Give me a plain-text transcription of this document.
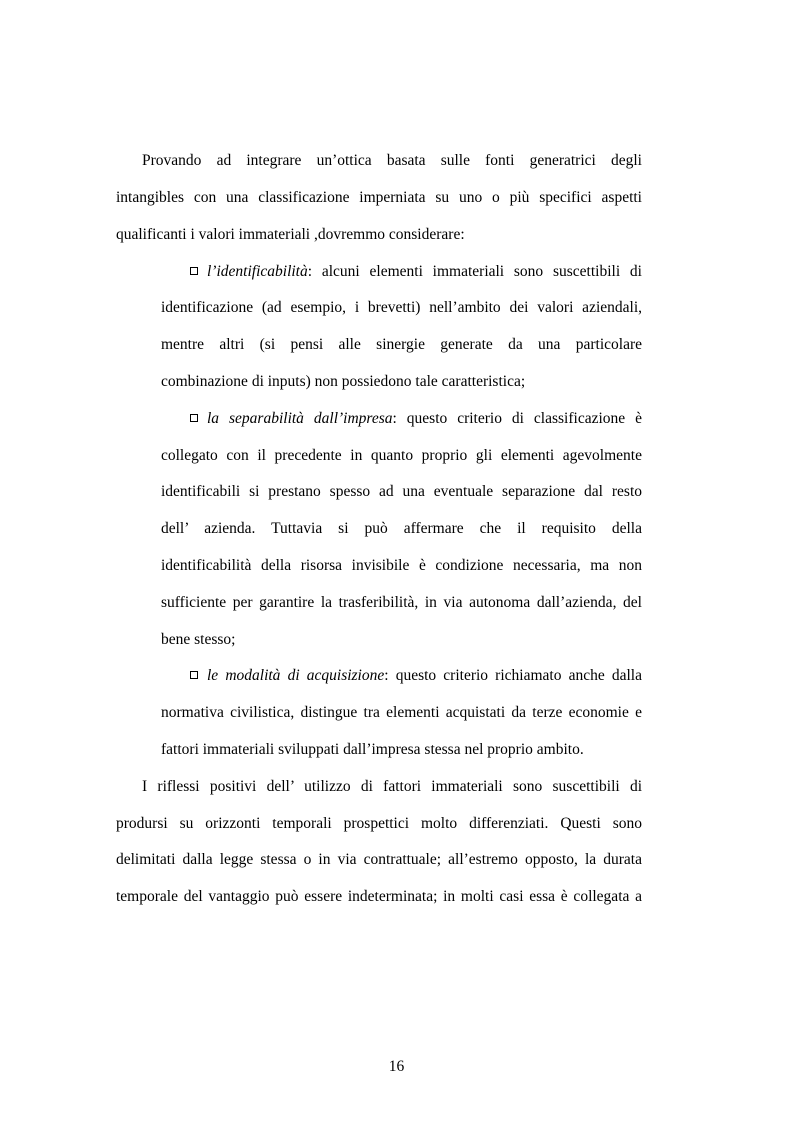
Provando ad integrare un’ottica basata sulle fonti generatrici degli
intangibles con una classificazione imperniata su uno o più specifici aspetti
qualificanti i valori immateriali ,dovremmo considerare:
l’identificabilità: alcuni elementi immateriali sono suscettibili di
identificazione (ad esempio, i brevetti) nell’ambito dei valori aziendali,
mentre altri (si pensi alle sinergie generate da una particolare
combinazione di inputs) non possiedono tale caratteristica;
la separabilità dall’impresa: questo criterio di classificazione è
collegato con il precedente in quanto proprio gli elementi agevolmente
identificabili si prestano spesso ad una eventuale separazione dal resto
dell’ azienda. Tuttavia si può affermare che il requisito della
identificabilità della risorsa invisibile è condizione necessaria, ma non
sufficiente per garantire la trasferibilità, in via autonoma dall’azienda, del
bene stesso;
le modalità di acquisizione: questo criterio richiamato anche dalla
normativa civilistica, distingue tra elementi acquistati da terze economie e
fattori immateriali sviluppati dall’impresa stessa nel proprio ambito.
I riflessi positivi dell’ utilizzo di fattori immateriali sono suscettibili di
prodursi su orizzonti temporali prospettici molto differenziati. Questi sono
delimitati dalla legge stessa o in via contrattuale; all’estremo opposto, la durata
temporale del vantaggio può essere indeterminata; in molti casi essa è collegata a
16
